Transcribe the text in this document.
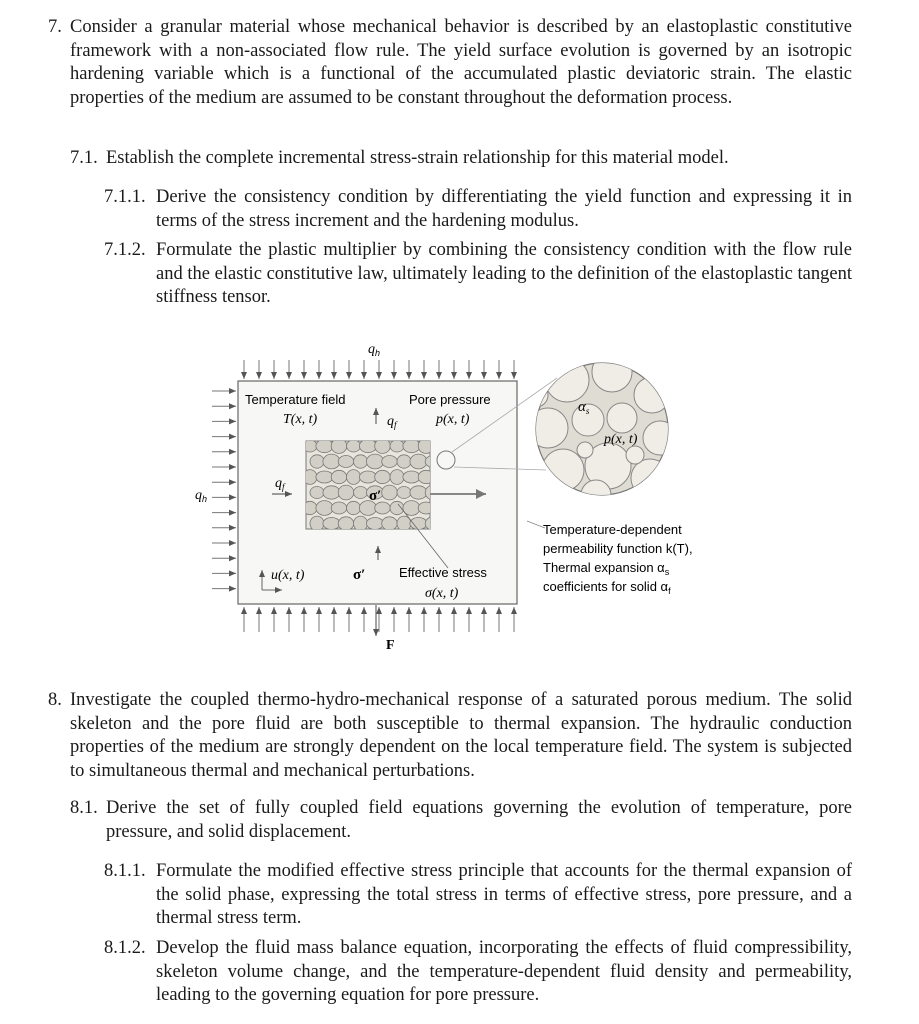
7. Consider a granular material whose mechanical behavior is described by an elastoplastic constitutive framework with a non-associated flow rule. The yield surface evolution is governed by an isotropic hardening variable which is a functional of the accumulated plastic deviatoric strain. The elastic properties of the medium are assumed to be constant throughout the deformation process.
7.1. Establish the complete incremental stress-strain relationship for this material model.
7.1.1. Derive the consistency condition by differentiating the yield function and expressing it in terms of the stress increment and the hardening modulus.
7.1.2. Formulate the plastic multiplier by combining the consistency condition with the flow rule and the elastic constitutive law, ultimately leading to the definition of the elastoplastic tangent stiffness tensor.
$q_h$
$q_h$
Temperature field
T(x, t)
Pore pressure
p(x, t)
$q_f$
$q_f$
σ′
u(x, t)	σ′	Effective stress
σ(x, t)
F
$\alpha_s$
p(x, t)
Temperature-dependent
permeability function k(T),
Thermal expansion $\alpha_s$
coefficients for solid $\alpha_f$
8. Investigate the coupled thermo-hydro-mechanical response of a saturated porous medium. The solid skeleton and the pore fluid are both susceptible to thermal expansion. The hydraulic conduction properties of the medium are strongly dependent on the local temperature field. The system is subjected to simultaneous thermal and mechanical perturbations.
8.1. Derive the set of fully coupled field equations governing the evolution of temperature, pore pressure, and solid displacement.
8.1.1. Formulate the modified effective stress principle that accounts for the thermal expansion of the solid phase, expressing the total stress in terms of effective stress, pore pressure, and a thermal stress term.
8.1.2. Develop the fluid mass balance equation, incorporating the effects of fluid compressibility, skeleton volume change, and the temperature-dependent fluid density and permeability, leading to the governing equation for pore pressure.
